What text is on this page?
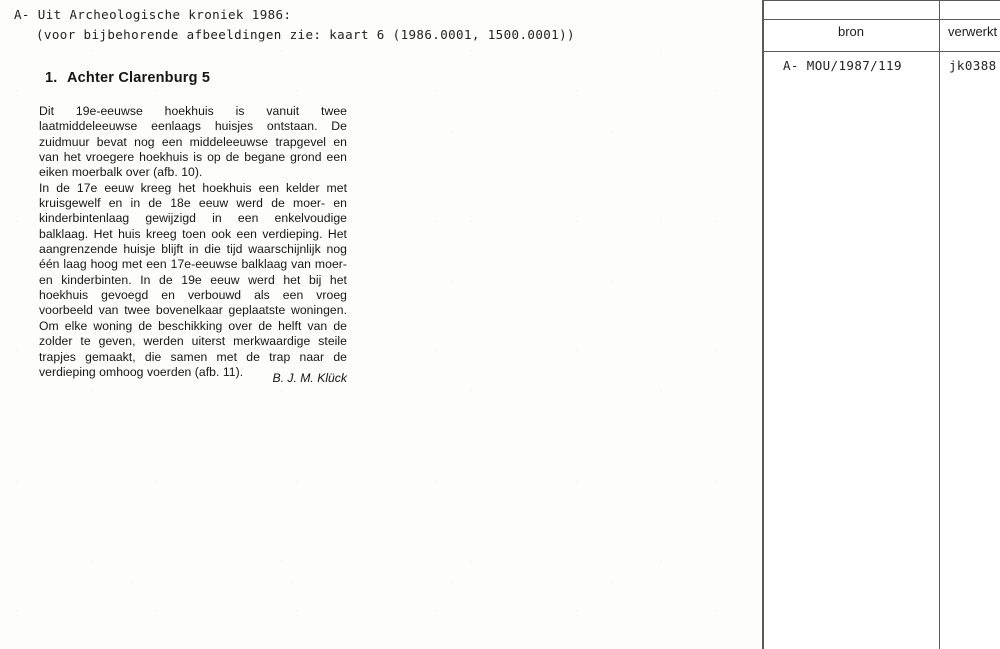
A- Uit Archeologische kroniek 1986:
(voor bijbehorende afbeeldingen zie: kaart 6 (1986.0001, 1500.0001))
1. Achter Clarenburg 5

Dit 19e-eeuwse hoekhuis is vanuit twee laatmiddeleeuwse eenlaags huisjes ontstaan. De zuidmuur bevat nog een middeleeuwse trapgevel en van het vroegere hoekhuis is op de begane grond een eiken moerbalk over (afb. 10).

In de 17e eeuw kreeg het hoekhuis een kelder met kruisgewelf en in de 18e eeuw werd de moer- en kinderbintenlaag gewijzigd in een enkelvoudige balklaag. Het huis kreeg toen ook een verdieping. Het aangrenzende huisje blijft in die tijd waarschijnlijk nog één laag hoog met een 17e-eeuwse balklaag van moer- en kinderbinten. In de 19e eeuw werd het bij het hoekhuis gevoegd en verbouwd als een vroeg voorbeeld van twee bovenelkaar geplaatste woningen. Om elke woning de beschikking over de helft van de zolder te geven, werden uiterst merkwaardige steile trapjes gemaakt, die samen met de trap naar de verdieping omhoog voerden (afb. 11).	B. J. M. Klück
bron	verwerkt
A- MOU/1987/119	jk0388
